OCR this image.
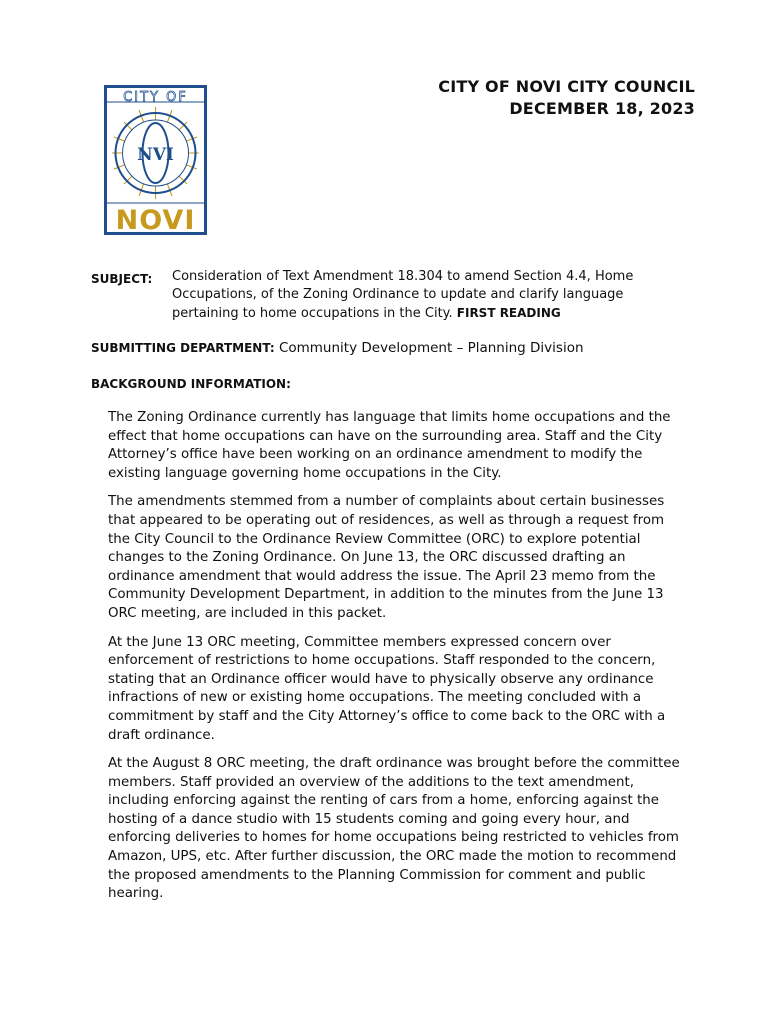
CITY OF
NVI
NOVI
CITY OF NOVI CITY COUNCIL
DECEMBER 18, 2023
SUBJECT: Consideration of Text Amendment 18.304 to amend Section 4.4, Home Occupations, of the Zoning Ordinance to update and clarify language pertaining to home occupations in the City. FIRST READING
SUBMITTING DEPARTMENT: Community Development – Planning Division
BACKGROUND INFORMATION:

The Zoning Ordinance currently has language that limits home occupations and the effect that home occupations can have on the surrounding area. Staff and the City Attorney’s office have been working on an ordinance amendment to modify the existing language governing home occupations in the City.

The amendments stemmed from a number of complaints about certain businesses that appeared to be operating out of residences, as well as through a request from the City Council to the Ordinance Review Committee (ORC) to explore potential changes to the Zoning Ordinance. On June 13, the ORC discussed drafting an ordinance amendment that would address the issue. The April 23 memo from the Community Development Department, in addition to the minutes from the June 13 ORC meeting, are included in this packet.

At the June 13 ORC meeting, Committee members expressed concern over enforcement of restrictions to home occupations. Staff responded to the concern, stating that an Ordinance officer would have to physically observe any ordinance infractions of new or existing home occupations. The meeting concluded with a commitment by staff and the City Attorney’s office to come back to the ORC with a draft ordinance.

At the August 8 ORC meeting, the draft ordinance was brought before the committee members. Staff provided an overview of the additions to the text amendment, including enforcing against the renting of cars from a home, enforcing against the hosting of a dance studio with 15 students coming and going every hour, and enforcing deliveries to homes for home occupations being restricted to vehicles from Amazon, UPS, etc. After further discussion, the ORC made the motion to recommend the proposed amendments to the Planning Commission for comment and public hearing.
